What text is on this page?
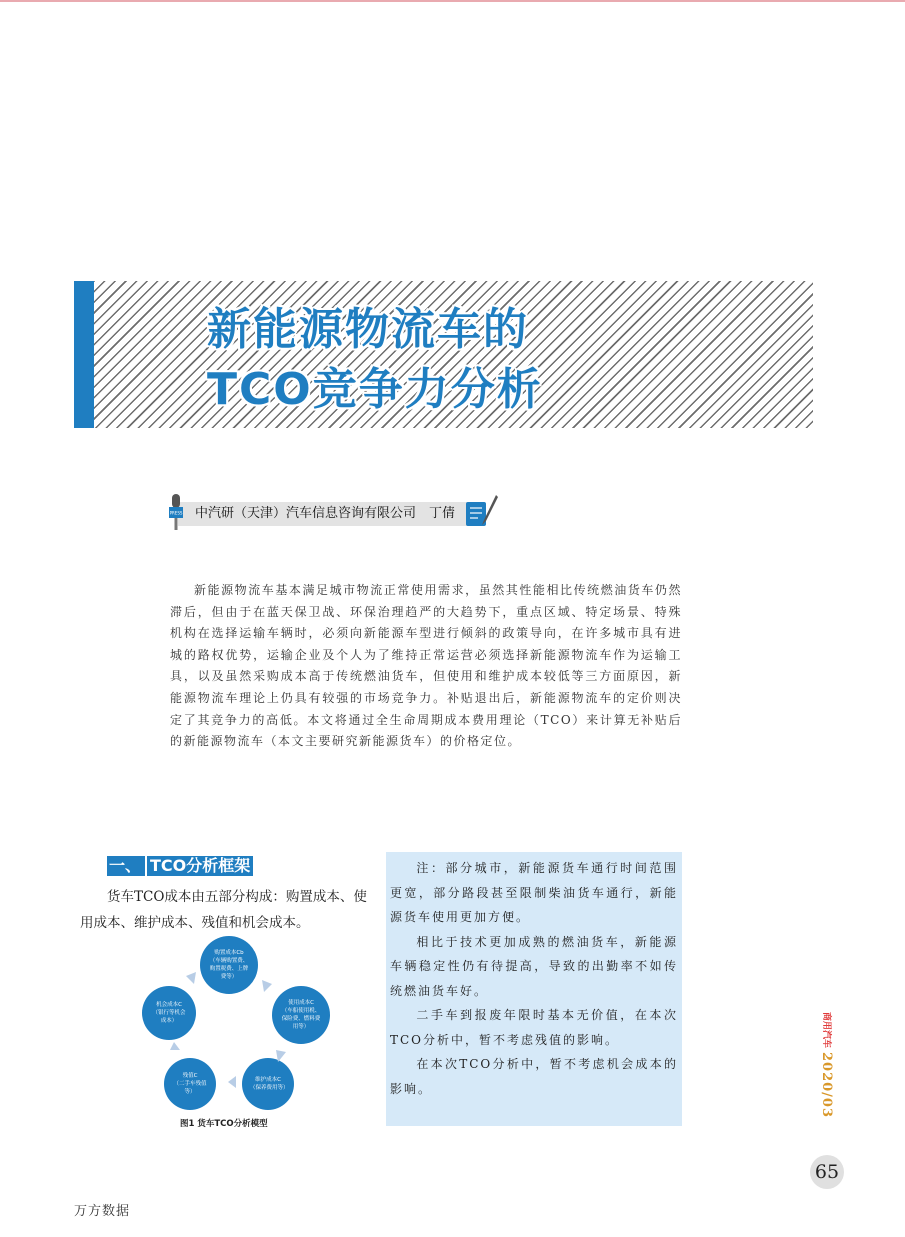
新能源物流车的
TCO竞争力分析
PRESS 中汽研（天津）汽车信息咨询有限公司　丁倩

新能源物流车基本满足城市物流正常使用需求，虽然其性能相比传统燃油货车仍然滞后，但由于在蓝天保卫战、环保治理趋严的大趋势下，重点区域、特定场景、特殊机构在选择运输车辆时，必须向新能源车型进行倾斜的政策导向，在许多城市具有进城的路权优势，运输企业及个人为了维持正常运营必须选择新能源物流车作为运输工具，以及虽然采购成本高于传统燃油货车，但使用和维护成本较低等三方面原因，新能源物流车理论上仍具有较强的市场竞争力。补贴退出后，新能源物流车的定价则决定了其竞争力的高低。本文将通过全生命周期成本费用理论（TCO）来计算无补贴后的新能源物流车（本文主要研究新能源货车）的价格定位。

一、 TCO分析框架

货车TCO成本由五部分构成：购置成本、使用成本、维护成本、残值和机会成本。

购置成本Cb
（车辆购置费、购置税费、上牌费等）
使用成本C
（车船使用税、保险费、燃料费用等）
维护成本C
（保养费用等）
残值C
（二手车残值等）
机会成本C
（银行等机会成本）
图1 货车TCO分析模型

注：部分城市，新能源货车通行时间范围更宽，部分路段甚至限制柴油货车通行，新能源货车使用更加方便。

相比于技术更加成熟的燃油货车，新能源车辆稳定性仍有待提高，导致的出勤率不如传统燃油货车好。

二手车到报废年限时基本无价值，在本次TCO分析中，暂不考虑残值的影响。

在本次TCO分析中，暂不考虑机会成本的影响。

商用汽车
2020/03
65
万方数据
